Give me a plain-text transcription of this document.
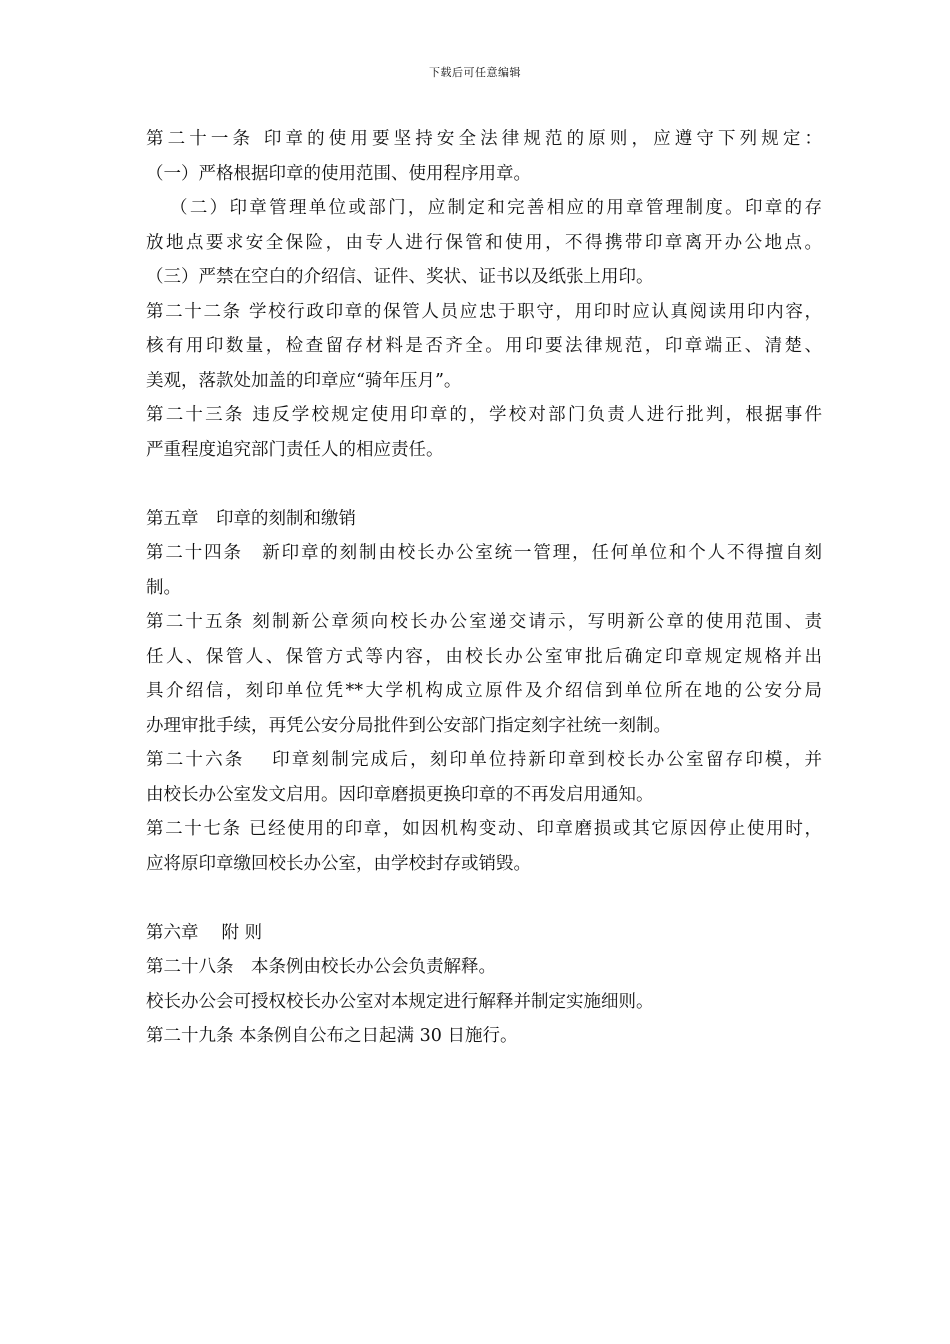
下载后可任意编辑
第二十一条 印章的使用要坚持安全法律规范的原则，应遵守下列规定：
（一）严格根据印章的使用范围、使用程序用章。
（二）印章管理单位或部门，应制定和完善相应的用章管理制度。印章的存
放地点要求安全保险，由专人进行保管和使用，不得携带印章离开办公地点。
（三）严禁在空白的介绍信、证件、奖状、证书以及纸张上用印。
第二十二条 学校行政印章的保管人员应忠于职守，用印时应认真阅读用印内容，
核有用印数量，检查留存材料是否齐全。用印要法律规范，印章端正、清楚、
美观，落款处加盖的印章应“骑年压月”。
第二十三条 违反学校规定使用印章的，学校对部门负责人进行批判，根据事件
严重程度追究部门责任人的相应责任。
第五章　印章的刻制和缴销
第二十四条　新印章的刻制由校长办公室统一管理，任何单位和个人不得擅自刻
制。
第二十五条 刻制新公章须向校长办公室递交请示，写明新公章的使用范围、责
任人、保管人、保管方式等内容，由校长办公室审批后确定印章规定规格并出
具介绍信，刻印单位凭**大学机构成立原件及介绍信到单位所在地的公安分局
办理审批手续，再凭公安分局批件到公安部门指定刻字社统一刻制。
第二十六条　 印章刻制完成后，刻印单位持新印章到校长办公室留存印模，并
由校长办公室发文启用。因印章磨损更换印章的不再发启用通知。
第二十七条 已经使用的印章，如因机构变动、印章磨损或其它原因停止使用时，
应将原印章缴回校长办公室，由学校封存或销毁。
第六章　 附 则
第二十八条　本条例由校长办公会负责解释。
校长办公会可授权校长办公室对本规定进行解释并制定实施细则。
第二十九条 本条例自公布之日起满 30 日施行。
